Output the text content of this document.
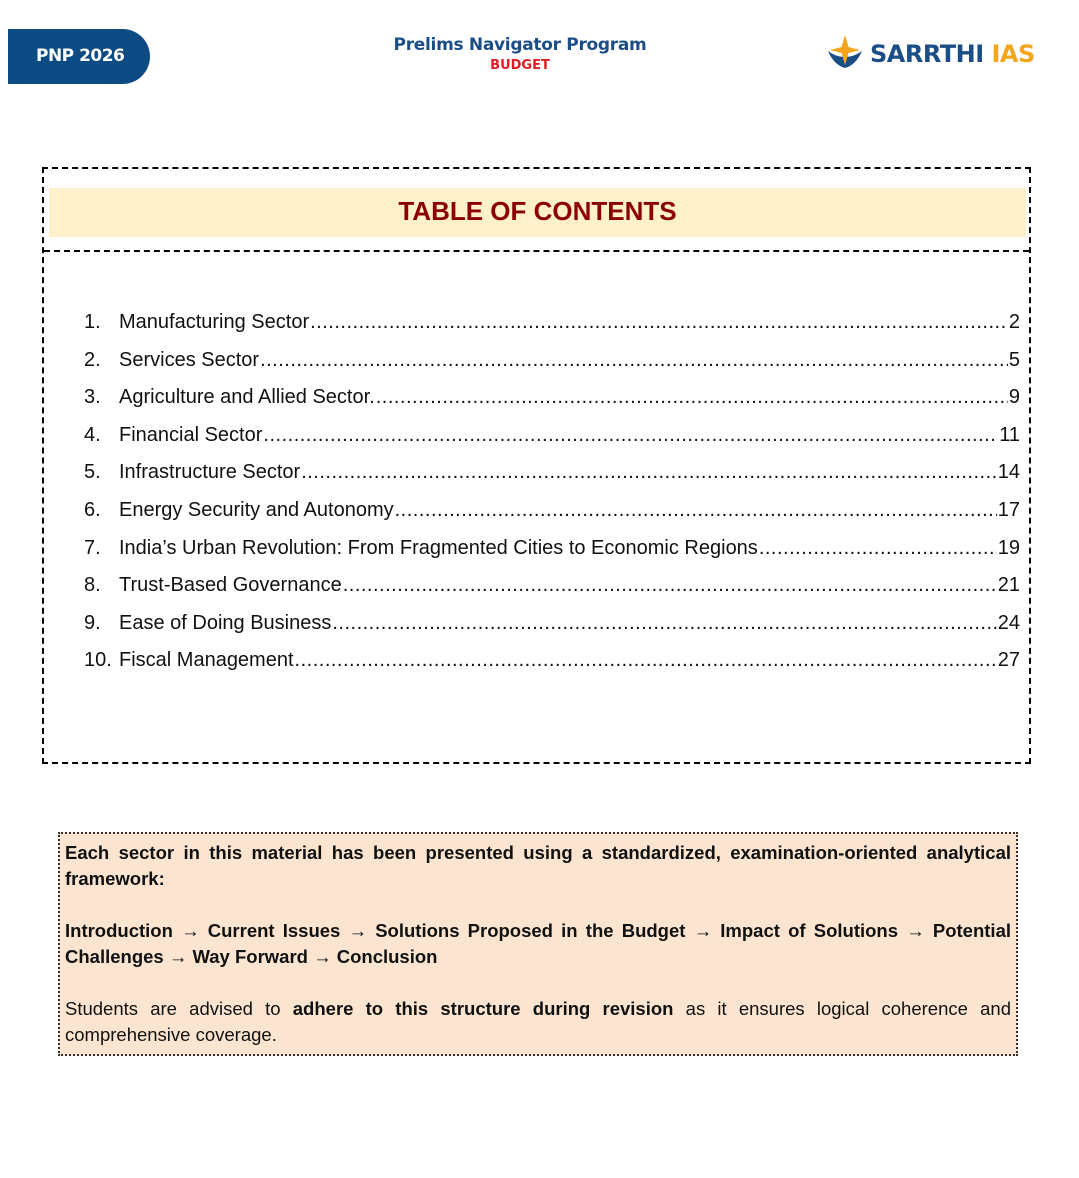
PNP 2026
Prelims Navigator Program
BUDGET	SARRTHI IAS
TABLE OF CONTENTS
1. Manufacturing Sector .....	2
2. Services Sector .....	5
3. Agriculture and Allied Sector. .....	9
4. Financial Sector .....	11
5. Infrastructure Sector .....	14
6. Energy Security and Autonomy .....	17
7. India’s Urban Revolution: From Fragmented Cities to Economic Regions .....	19
8. Trust-Based Governance .....	21
9. Ease of Doing Business .....	24
10. Fiscal Management .....	27

Each sector in this material has been presented using a standardized, examination-oriented analytical framework:

Introduction → Current Issues → Solutions Proposed in the Budget → Impact of Solutions → Potential Challenges → Way Forward → Conclusion

Students are advised to adhere to this structure during revision as it ensures logical coherence and comprehensive coverage.
